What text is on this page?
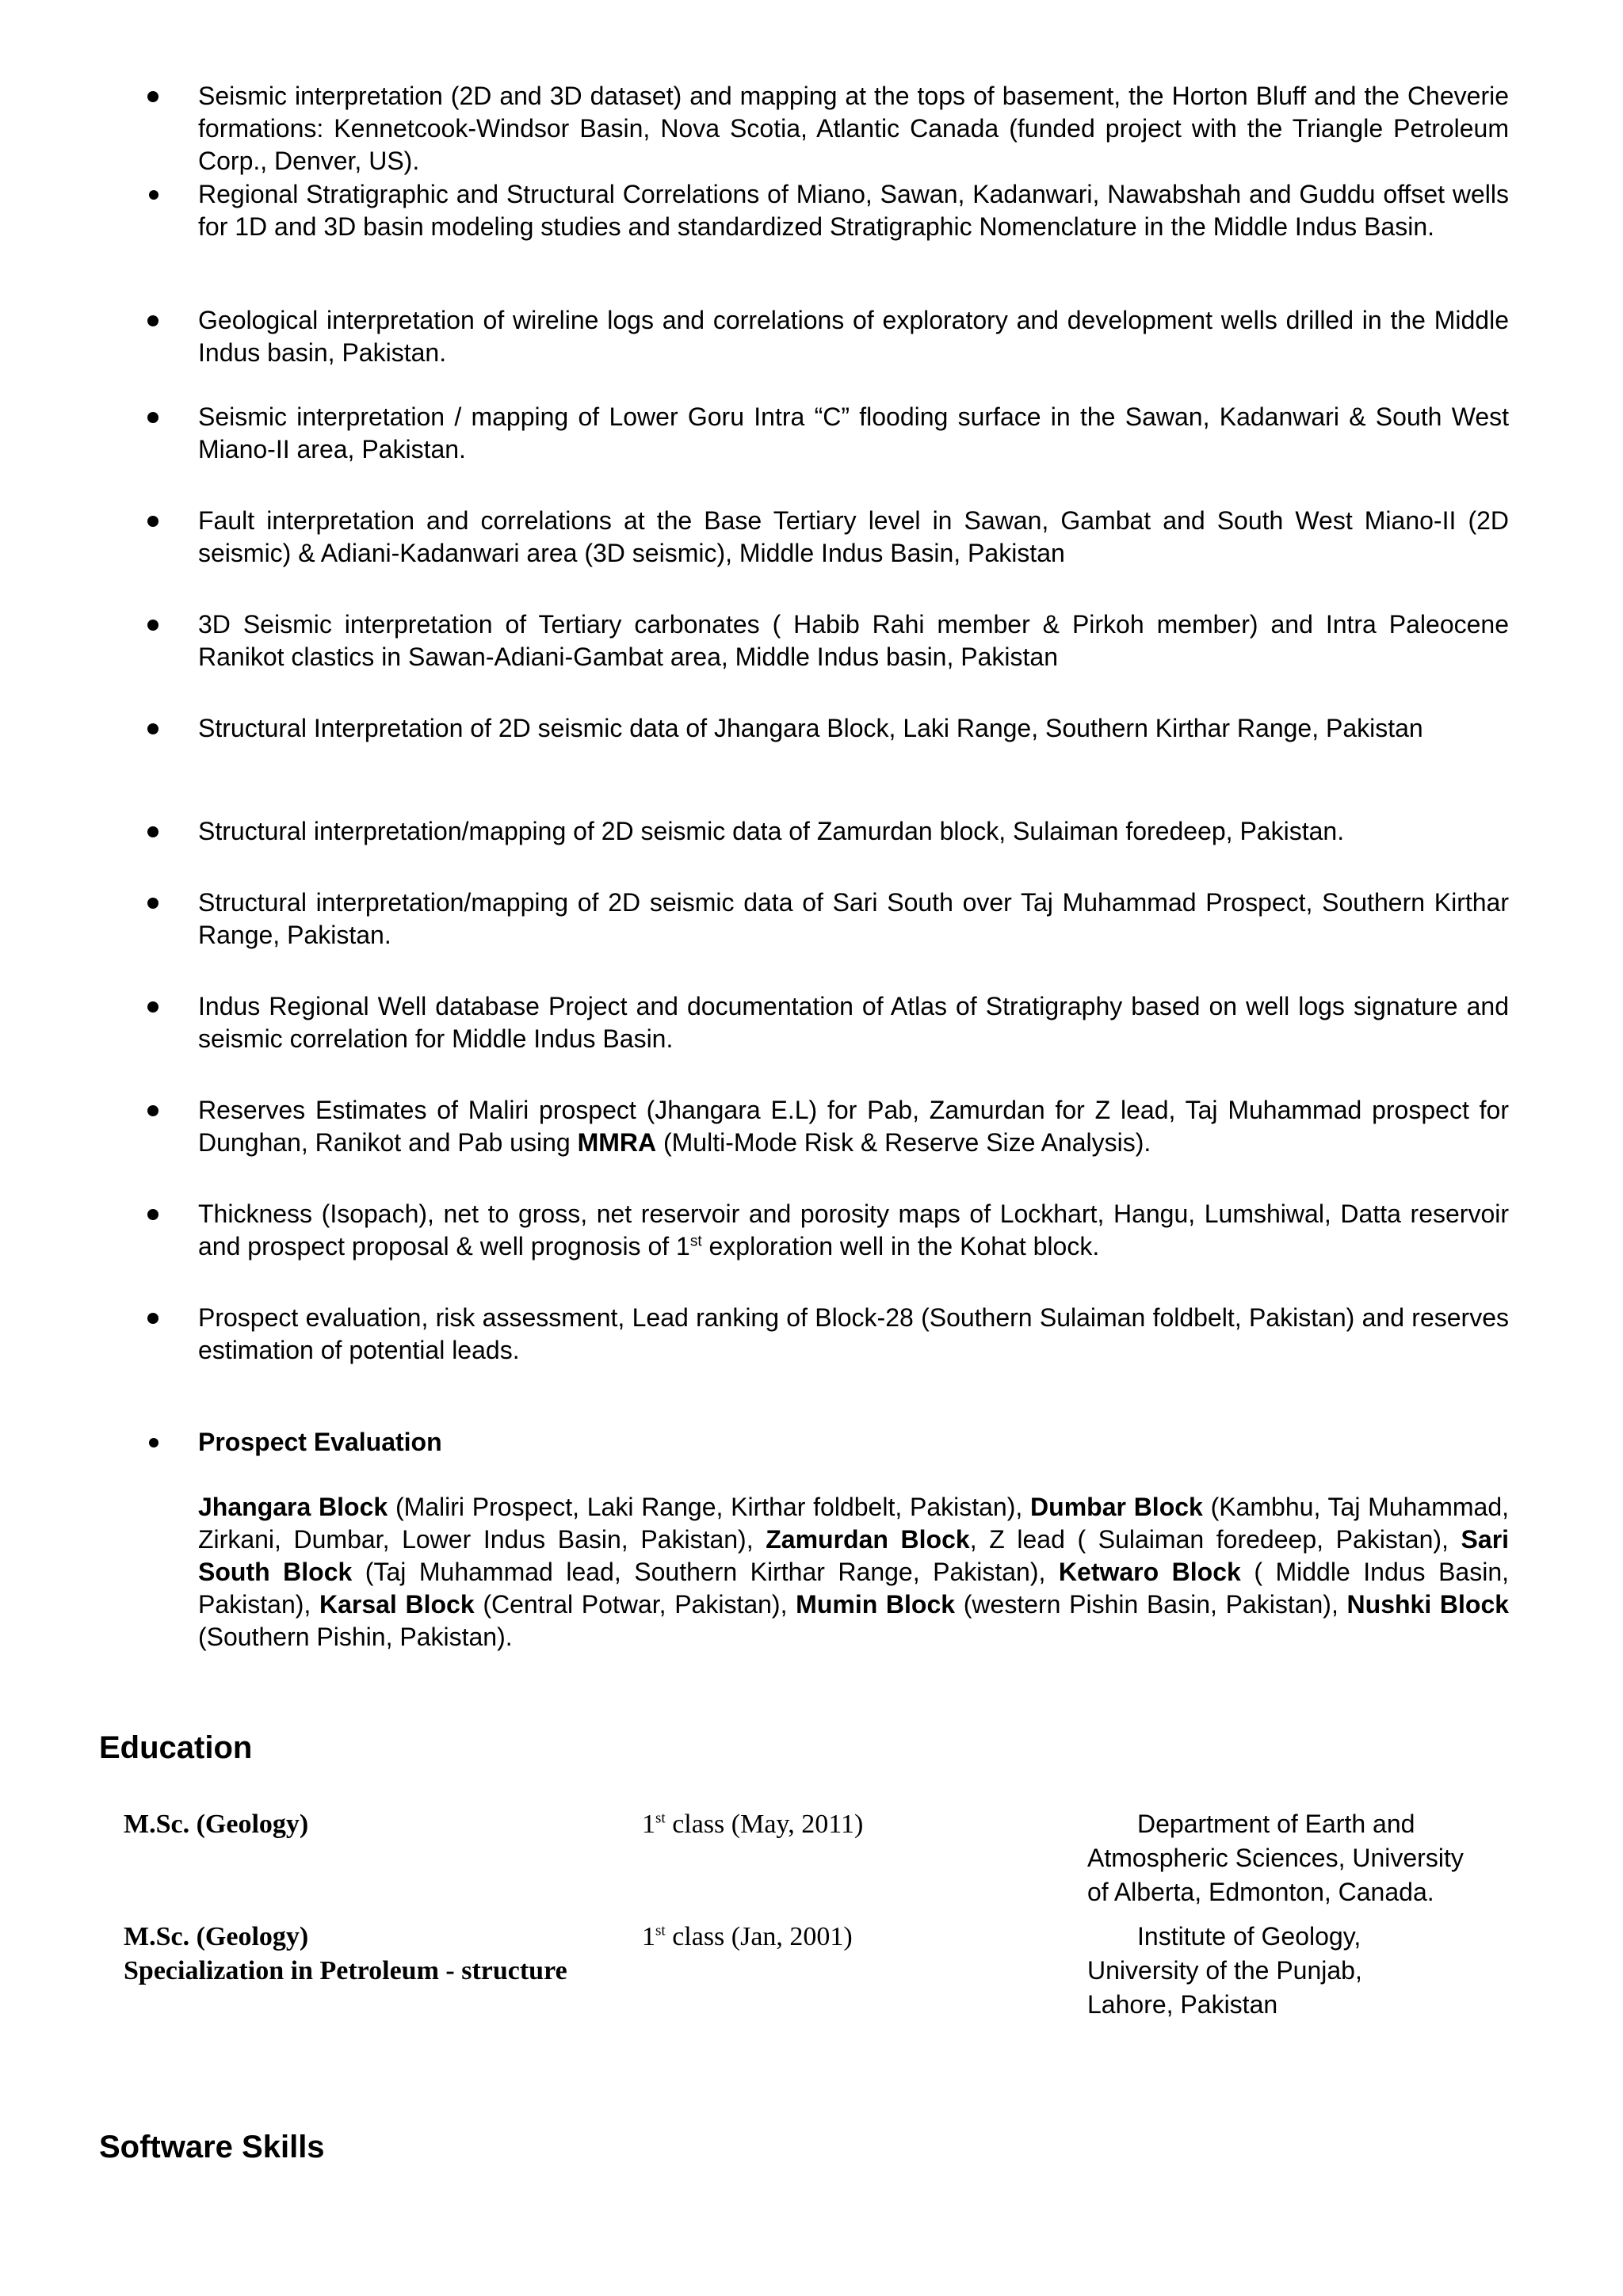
Seismic interpretation (2D and 3D dataset) and mapping at the tops of basement, the Horton Bluff and the Cheverie formations: Kennetcook-Windsor Basin, Nova Scotia, Atlantic Canada (funded project with the Triangle Petroleum Corp., Denver, US).
Regional Stratigraphic and Structural Correlations of Miano, Sawan, Kadanwari, Nawabshah and Guddu offset wells for 1D and 3D basin modeling studies and standardized Stratigraphic Nomenclature in the Middle Indus Basin.
Geological interpretation of wireline logs and correlations of exploratory and development wells drilled in the Middle Indus basin, Pakistan.
Seismic interpretation / mapping of Lower Goru Intra “C” flooding surface in the Sawan, Kadanwari & South West Miano-II area, Pakistan.
Fault interpretation and correlations at the Base Tertiary level in Sawan, Gambat and South West Miano-II (2D seismic) & Adiani-Kadanwari area (3D seismic), Middle Indus Basin, Pakistan
3D Seismic interpretation of Tertiary carbonates ( Habib Rahi member & Pirkoh member) and Intra Paleocene Ranikot clastics in Sawan-Adiani-Gambat area, Middle Indus basin, Pakistan
Structural Interpretation of 2D seismic data of Jhangara Block, Laki Range, Southern Kirthar Range, Pakistan
Structural interpretation/mapping of 2D seismic data of Zamurdan block, Sulaiman foredeep, Pakistan.
Structural interpretation/mapping of 2D seismic data of Sari South over Taj Muhammad Prospect, Southern Kirthar Range, Pakistan.
Indus Regional Well database Project and documentation of Atlas of Stratigraphy based on well logs signature and seismic correlation for Middle Indus Basin.
Reserves Estimates of Maliri prospect (Jhangara E.L) for Pab, Zamurdan for Z lead, Taj Muhammad prospect for Dunghan, Ranikot and Pab using MMRA (Multi-Mode Risk & Reserve Size Analysis).
Thickness (Isopach), net to gross, net reservoir and porosity maps of Lockhart, Hangu, Lumshiwal, Datta reservoir and prospect proposal & well prognosis of 1st exploration well in the Kohat block.
Prospect evaluation, risk assessment, Lead ranking of Block-28 (Southern Sulaiman foldbelt, Pakistan) and reserves estimation of potential leads.
Prospect Evaluation
Jhangara Block (Maliri Prospect, Laki Range, Kirthar foldbelt, Pakistan), Dumbar Block (Kambhu, Taj Muhammad, Zirkani, Dumbar, Lower Indus Basin, Pakistan), Zamurdan Block, Z lead ( Sulaiman foredeep, Pakistan), Sari South Block (Taj Muhammad lead, Southern Kirthar Range, Pakistan), Ketwaro Block ( Middle Indus Basin, Pakistan), Karsal Block (Central Potwar, Pakistan), Mumin Block (western Pishin Basin, Pakistan), Nushki Block (Southern Pishin, Pakistan).
Education
M.Sc. (Geology)	1st class (May, 2011)	Department of Earth and
Atmospheric Sciences, University
of Alberta, Edmonton, Canada.
M.Sc. (Geology)
Specialization in Petroleum - structure
1st class (Jan, 2001)	Institute of Geology,
University of the Punjab,
Lahore, Pakistan
Software Skills
